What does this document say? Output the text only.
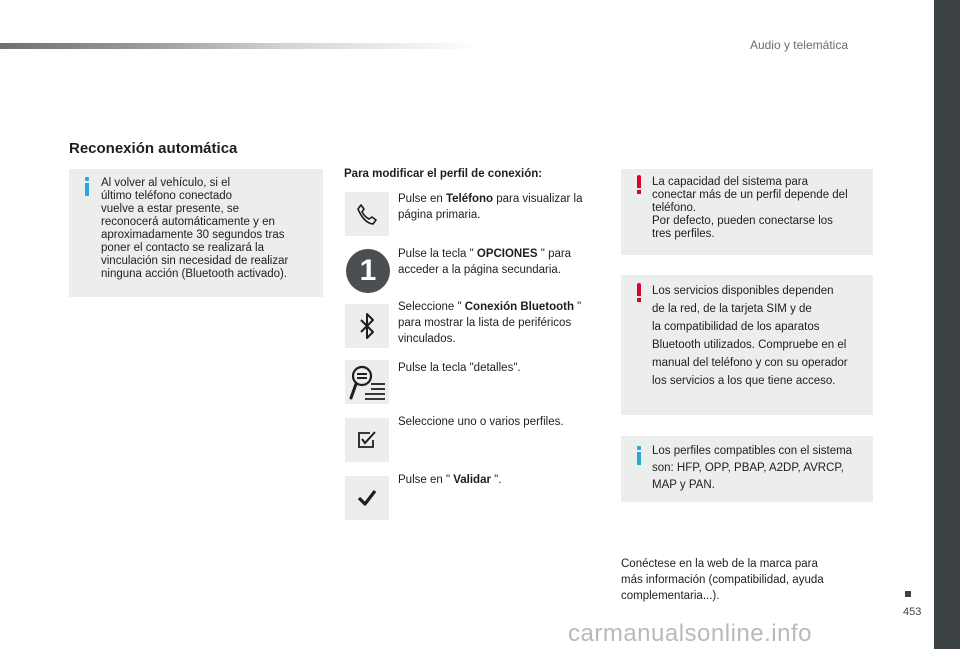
Audio y telemática
453
Reconexión automática
Al volver al vehículo, si el
último teléfono conectado
vuelve a estar presente, se
reconocerá automáticamente y en
aproximadamente 30 segundos tras
poner el contacto se realizará la
vinculación sin necesidad de realizar
ninguna acción (Bluetooth activado).
Para modificar el perfil de conexión:
Pulse en Teléfono para visualizar la página primaria.
1	Pulse la tecla " OPCIONES " para acceder a la página secundaria.
Seleccione " Conexión Bluetooth " para mostrar la lista de periféricos vinculados.
Pulse la tecla "detalles".
Seleccione uno o varios perfiles.
Pulse en " Validar ".
La capacidad del sistema para
conectar más de un perfil depende del
teléfono.
Por defecto, pueden conectarse los
tres perfiles.
Los servicios disponibles dependen
de la red, de la tarjeta SIM y de
la compatibilidad de los aparatos
Bluetooth utilizados. Compruebe en el
manual del teléfono y con su operador
los servicios a los que tiene acceso.
Los perfiles compatibles con el sistema
son: HFP, OPP, PBAP, A2DP, AVRCP,
MAP y PAN.
Conéctese en la web de la marca para
más información (compatibilidad, ayuda
complementaria...).
carmanualsonline.info
